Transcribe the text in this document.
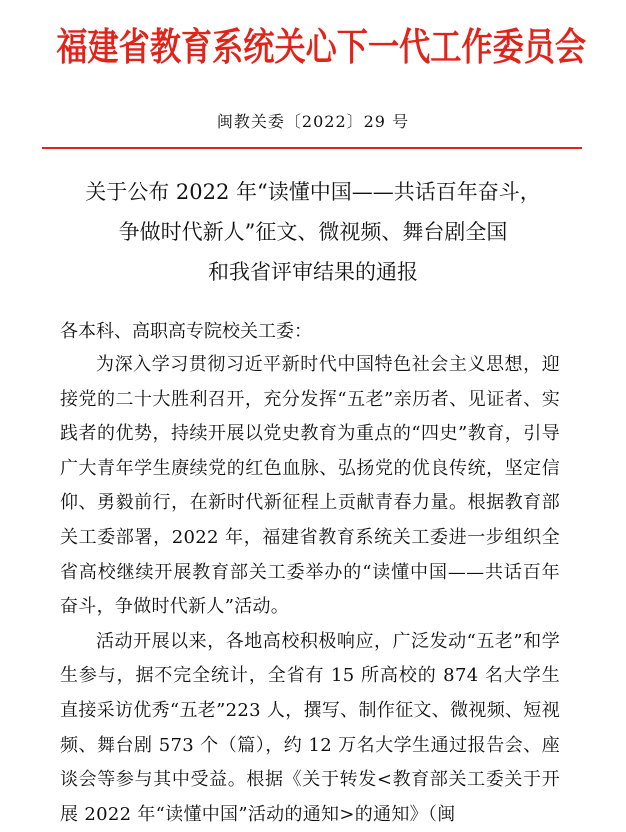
福建省教育系统关心下一代工作委员会
闽教关委〔2022〕29 号
关于公布 2022 年“读懂中国——共话百年奋斗，
争做时代新人”征文、微视频、舞台剧全国
和我省评审结果的通报
各本科、高职高专院校关工委：

为深入学习贯彻习近平新时代中国特色社会主义思想，迎接党的二十大胜利召开，充分发挥“五老”亲历者、见证者、实践者的优势，持续开展以党史教育为重点的“四史”教育，引导广大青年学生赓续党的红色血脉、弘扬党的优良传统，坚定信仰、勇毅前行，在新时代新征程上贡献青春力量。根据教育部关工委部署，2022 年，福建省教育系统关工委进一步组织全省高校继续开展教育部关工委举办的“读懂中国——共话百年奋斗，争做时代新人”活动。

活动开展以来，各地高校积极响应，广泛发动“五老”和学生参与，据不完全统计，全省有 15 所高校的 874 名大学生直接采访优秀“五老”223 人，撰写、制作征文、微视频、短视频、舞台剧 573 个（篇），约 12 万名大学生通过报告会、座谈会等参与其中受益。根据《关于转发<教育部关工委关于开展 2022 年“读懂中国”活动的通知>的通知》（闽
